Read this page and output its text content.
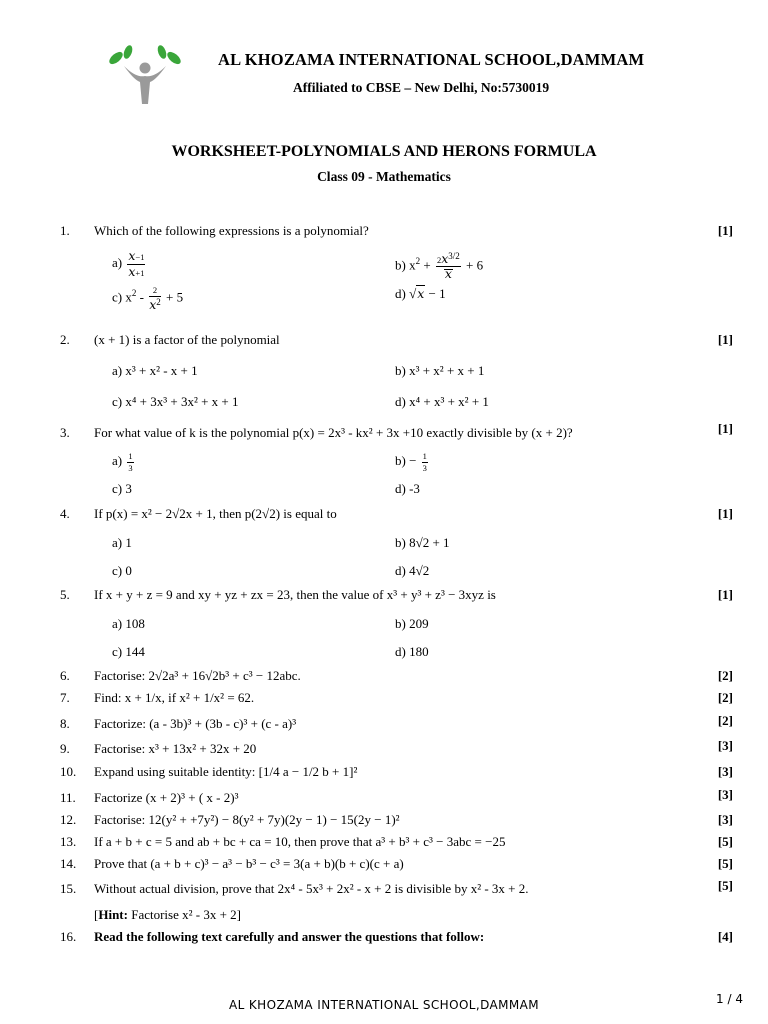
AL KHOZAMA INTERNATIONAL SCHOOL,DAMMAM
Affiliated to CBSE – New Delhi, No:5730019
WORKSHEET-POLYNOMIALS AND HERONS FORMULA
Class 09 - Mathematics
1.	Which of the following expressions is a polynomial?	[1]
$a) \frac{x-1}{x+1}$	b) $x^2 + \frac{2x^{3/2}}{x} + 6$
c) $x^2 - \frac{2}{x^2} + 5$	d) √x − 1
2.	(x + 1) is a factor of the polynomial	[1]
a) x³ + x² - x + 1	b) x³ + x² + x + 1
c) x⁴ + 3x³ + 3x² + x + 1	d) x⁴ + x³ + x² + 1
3.	For what value of k is the polynomial p(x) = 2x³ - kx² + 3x +10 exactly divisible by (x + 2)?	[1]
$a) \frac{1}{3}$	$b) - \frac{1}{3}$
c) 3	d) -3
4.	If p(x) = x² − 2√2x + 1, then p(2√2) is equal to	[1]
a) 1	b) 8√2 + 1
c) 0	d) 4√2
5.	If x + y + z = 9 and xy + yz + zx = 23, then the value of x³ + y³ + z³ − 3xyz is	[1]
a) 108	b) 209
c) 144	d) 180
6.	Factorise: 2√2a³ + 16√2b³ + c³ − 12abc.	[2]
7.	Find: x + 1/x, if x² + 1/x² = 62.	[2]
8.	Factorize: (a - 3b)³ + (3b - c)³ + (c - a)³	[2]
9.	Factorise: x³ + 13x² + 32x + 20	[3]
10. Expand using suitable identity: [1/4 a − 1/2 b + 1]²	[3]
11. Factorize (x + 2)³ + ( x - 2)³	[3]
12. Factorise: 12(y² + +7y²) − 8(y² + 7y)(2y − 1) − 15(2y − 1)²	[3]
13. If a + b + c = 5 and ab + bc + ca = 10, then prove that a³ + b³ + c³ − 3abc = −25	[5]
14. Prove that (a + b + c)³ − a³ − b³ − c³ = 3(a + b)(b + c)(c + a)	[5]
15. Without actual division, prove that 2x⁴ - 5x³ + 2x² - x + 2 is divisible by x² - 3x + 2.	[5]
[Hint: Factorise x² - 3x + 2]
16. Read the following text carefully and answer the questions that follow:	[4]
AL KHOZAMA INTERNATIONAL SCHOOL,DAMMAM	1 / 4
